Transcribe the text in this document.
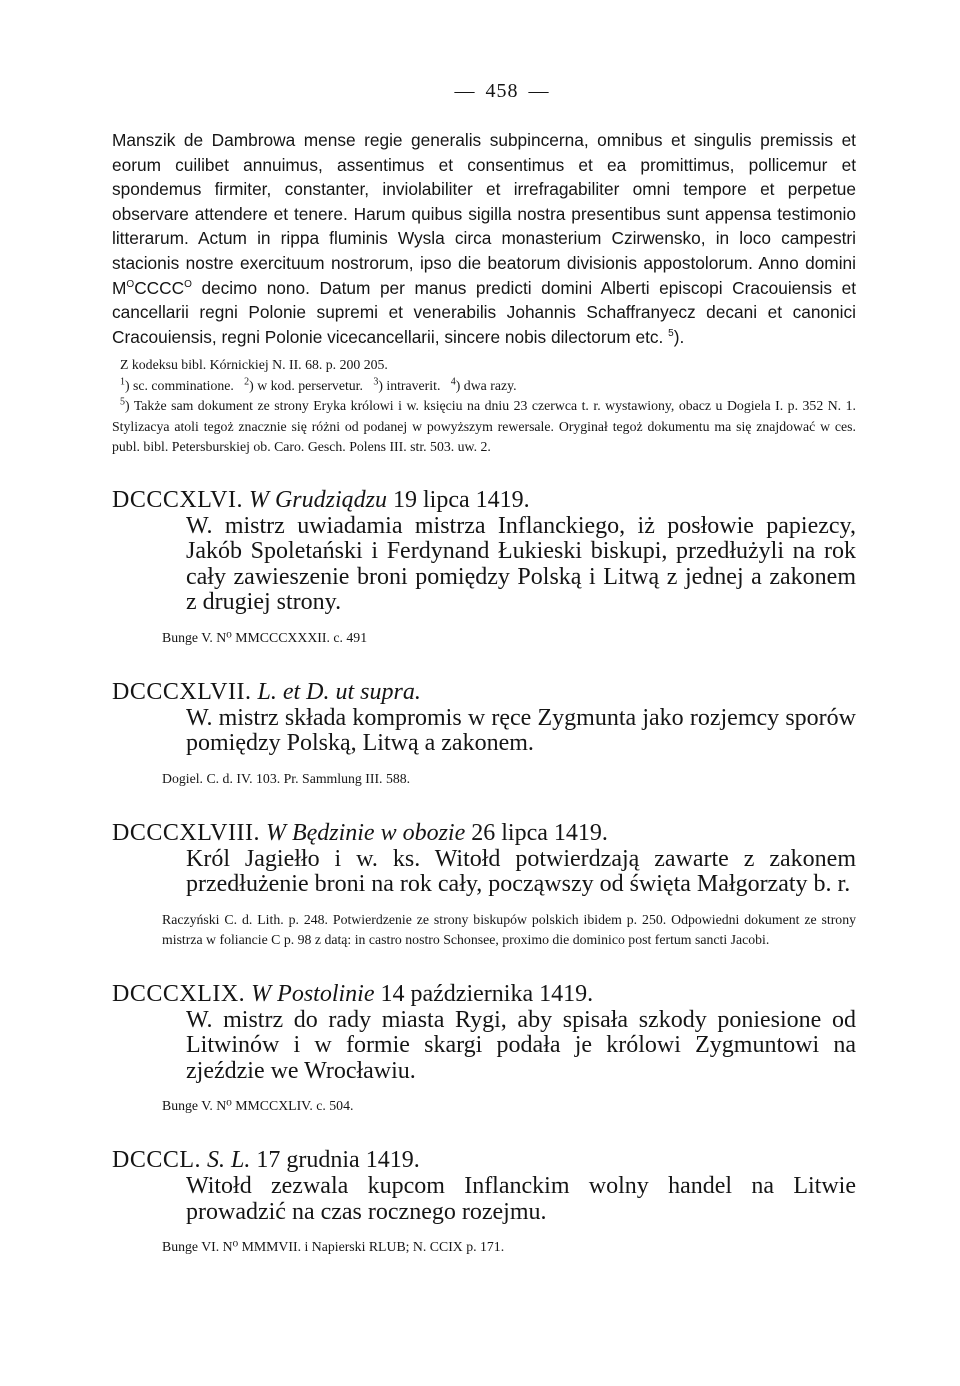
— 458 —
Manszik de Dambrowa mense regie generalis subpincerna, omnibus et singulis premissis et eorum cuilibet annuimus, assentimus et consentimus et ea promittimus, pollicemur et spondemus firmiter, constanter, inviolabiliter et irrefragabiliter omni tempore et perpetue observare attendere et tenere. Harum quibus sigilla nostra presentibus sunt appensa testimonio litterarum. Actum in rippa fluminis Wysla circa monasterium Czirwensko, in loco campestri stacionis nostre exercituum nostrorum, ipso die beatorum divisionis appostolorum. Anno domini $M^OCCCC^O$ decimo nono. Datum per manus predicti domini Alberti episcopi Cracouiensis et cancellarii regni Polonie supremi et venerabilis Johannis Schaffranyecz decani et canonici Cracouiensis, regni Polonie vicecancellarii, sincere nobis dilectorum etc. $^5$).
Z kodeksu bibl. Kórnickiej N. II. 68. p. 200 205.
$^1$) sc. comminatione. $^2$) w kod. perservetur. $^3$) intraverit. $^4$) dwa razy.
$^5$) Także sam dokument ze strony Eryka królowi i w. księciu na dniu 23 czerwca t. r. wystawiony, obacz u Dogiela I. p. 352 N. 1. Stylizacya atoli tegoż znacznie się różni od podanej w powyższym rewersale. Oryginał tegoż dokumentu ma się znajdować w ces. publ. bibl. Petersburskiej ob. Caro. Gesch. Polens III. str. 503. uw. 2.
DCCCXLVI. W Grudziądzu 19 lipca 1419.
W. mistrz uwiadamia mistrza Inflanckiego, iż posłowie papiezcy, Jakób Spoletański i Ferdynand Łukieski biskupi, przedłużyli na rok cały zawieszenie broni pomiędzy Polską i Litwą z jednej a zakonem z drugiej strony.
Bunge V. N⁰ MMCCCXXXII. c. 491
DCCCXLVII. L. et D. ut supra.
W. mistrz składa kompromis w ręce Zygmunta jako rozjemcy sporów pomiędzy Polską, Litwą a zakonem.
Dogiel. C. d. IV. 103. Pr. Sammlung III. 588.
DCCCXLVIII. W Będzinie w obozie 26 lipca 1419.
Król Jagiełło i w. ks. Witołd potwierdzają zawarte z zakonem przedłużenie broni na rok cały, począwszy od święta Małgorzaty b. r.
Raczyński C. d. Lith. p. 248. Potwierdzenie ze strony biskupów polskich ibidem p. 250. Odpowiedni dokument ze strony mistrza w foliancie C p. 98 z datą: in castro nostro Schonsee, proximo die dominico post fertum sancti Jacobi.
DCCCXLIX. W Postolinie 14 października 1419.
W. mistrz do rady miasta Rygi, aby spisała szkody poniesione od Litwinów i w formie skargi podała je królowi Zygmuntowi na zjeździe we Wrocławiu.
Bunge V. N⁰ MMCCXLIV. c. 504.
DCCCL. S. L. 17 grudnia 1419.
Witołd zezwala kupcom Inflanckim wolny handel na Litwie prowadzić na czas rocznego rozejmu.
Bunge VI. N⁰ MMMVII. i Napierski RLUB; N. CCIX p. 171.
